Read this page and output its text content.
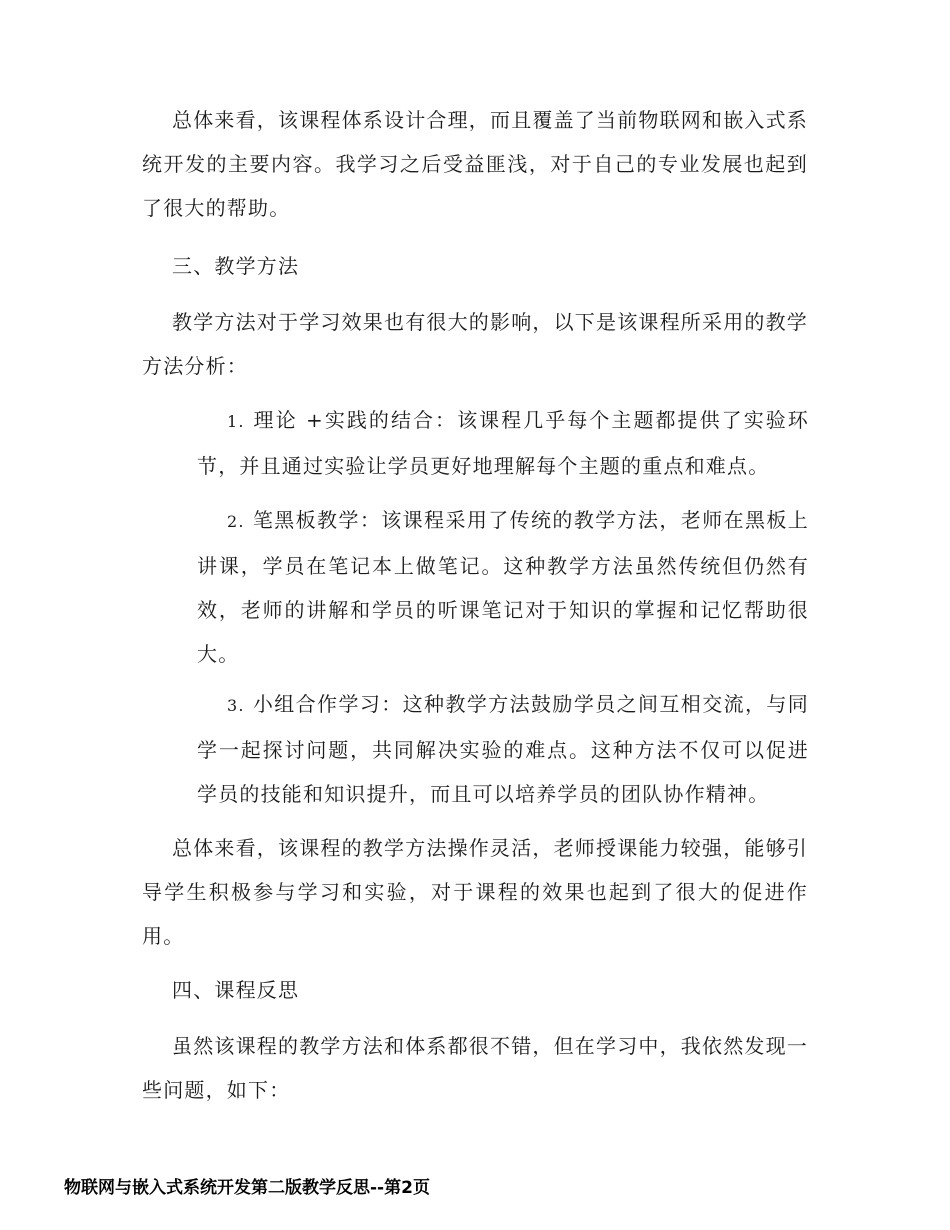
总体来看，该课程体系设计合理，而且覆盖了当前物联网和嵌入式系统开发的主要内容。我学习之后受益匪浅，对于自己的专业发展也起到了很大的帮助。

三、教学方法

教学方法对于学习效果也有很大的影响，以下是该课程所采用的教学方法分析：

1. 理论 +实践的结合：该课程几乎每个主题都提供了实验环节，并且通过实验让学员更好地理解每个主题的重点和难点。

2. 笔黑板教学：该课程采用了传统的教学方法，老师在黑板上讲课，学员在笔记本上做笔记。这种教学方法虽然传统但仍然有效，老师的讲解和学员的听课笔记对于知识的掌握和记忆帮助很大。

3. 小组合作学习：这种教学方法鼓励学员之间互相交流，与同学一起探讨问题，共同解决实验的难点。这种方法不仅可以促进学员的技能和知识提升，而且可以培养学员的团队协作精神。

总体来看，该课程的教学方法操作灵活，老师授课能力较强，能够引导学生积极参与学习和实验，对于课程的效果也起到了很大的促进作用。

四、课程反思

虽然该课程的教学方法和体系都很不错，但在学习中，我依然发现一些问题，如下：

物联网与嵌入式系统开发第二版教学反思--第2页
